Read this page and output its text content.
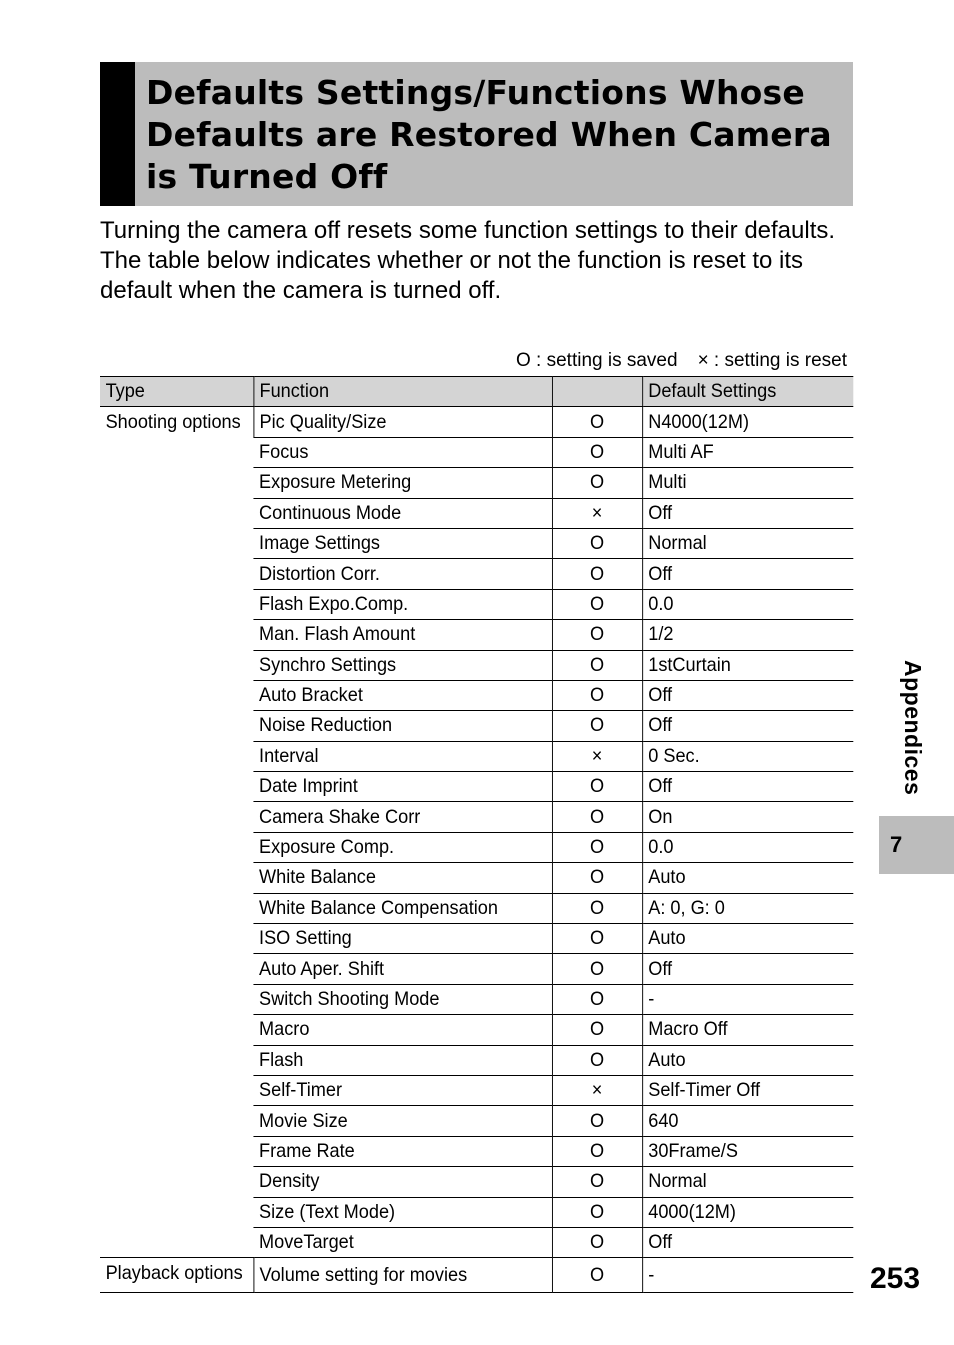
Defaults Settings/Functions Whose Defaults are Restored When Camera is Turned Off

Turning the camera off resets some function settings to their defaults.

The table below indicates whether or not the function is reset to its default when the camera is turned off.

O : setting is saved × : setting is reset
Type	Function		Default Settings
Shooting options	Pic Quality/Size	O	N4000(12M)
	Focus	O	Multi AF
	Exposure Metering	O	Multi
	Continuous Mode	×	Off
	Image Settings	O	Normal
	Distortion Corr.	O	Off
	Flash Expo.Comp.	O	0.0
	Man. Flash Amount	O	1/2
	Synchro Settings	O	1stCurtain
	Auto Bracket	O	Off
	Noise Reduction	O	Off
	Interval	×	0 Sec.
	Date Imprint	O	Off
	Camera Shake Corr	O	On
	Exposure Comp.	O	0.0
	White Balance	O	Auto
	White Balance Compensation	O	A: 0, G: 0
	ISO Setting	O	Auto
	Auto Aper. Shift	O	Off
	Switch Shooting Mode	O	-
	Macro	O	Macro Off
	Flash	O	Auto
	Self-Timer	×	Self-Timer Off
	Movie Size	O	640
	Frame Rate	O	30Frame/S
	Density	O	Normal
	Size (Text Mode)	O	4000(12M)
	MoveTarget	O	Off
Playback options	Volume setting for movies	O	-
Appendices
7
253
